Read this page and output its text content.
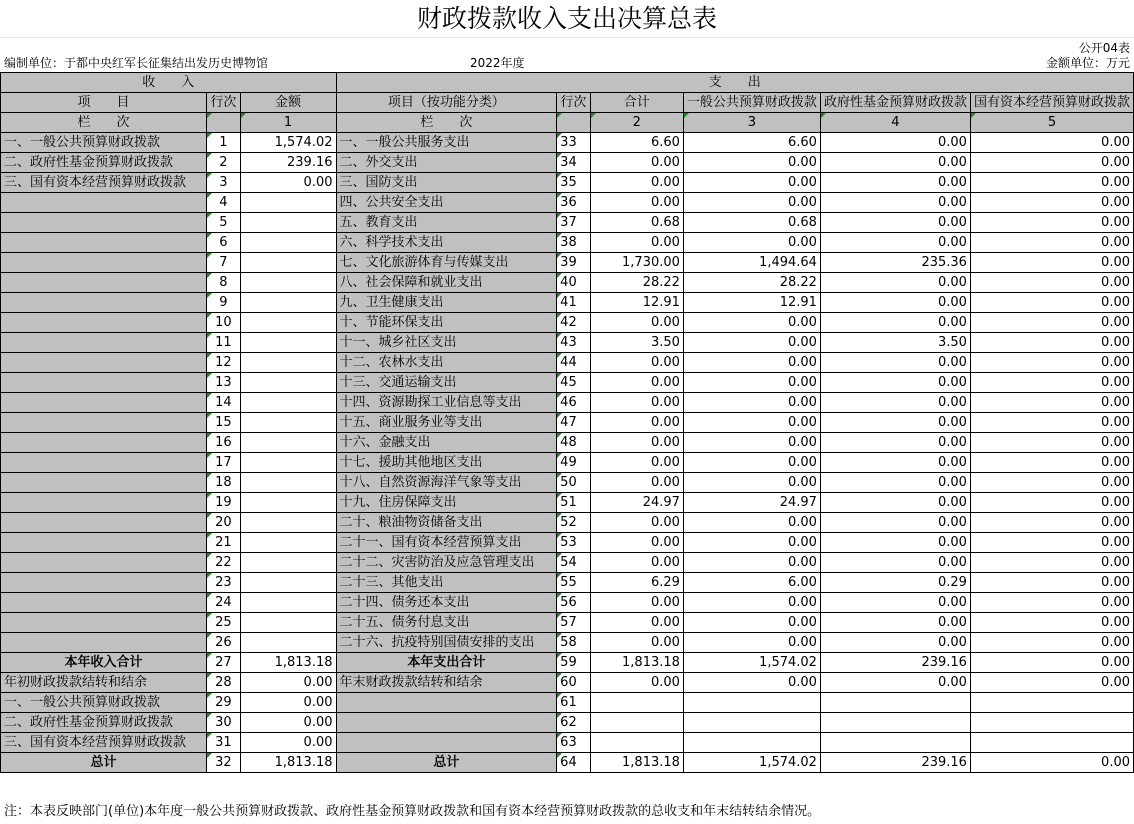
财政拨款收入支出决算总表
公开04表
编制单位：于都中央红军长征集结出发历史博物馆	2022年度	金额单位：万元
收　　入			支　　出					
项　　目	行次	金额	项目（按功能分类）	行次	合计	一般公共预算财政拨款	政府性基金预算财政拨款	国有资本经营预算财政拨款
栏　　次		1	栏　　次		2	3	4	5
一、一般公共预算财政拨款	1	1,574.02	一、一般公共服务支出	33	6.60	6.60	0.00	0.00
二、政府性基金预算财政拨款	2	239.16	二、外交支出	34	0.00	0.00	0.00	0.00
三、国有资本经营预算财政拨款	3	0.00	三、国防支出	35	0.00	0.00	0.00	0.00
	4		四、公共安全支出	36	0.00	0.00	0.00	0.00
	5		五、教育支出	37	0.68	0.68	0.00	0.00
	6		六、科学技术支出	38	0.00	0.00	0.00	0.00
	7		七、文化旅游体育与传媒支出	39	1,730.00	1,494.64	235.36	0.00
	8		八、社会保障和就业支出	40	28.22	28.22	0.00	0.00
	9		九、卫生健康支出	41	12.91	12.91	0.00	0.00
	10		十、节能环保支出	42	0.00	0.00	0.00	0.00
	11		十一、城乡社区支出	43	3.50	0.00	3.50	0.00
	12		十二、农林水支出	44	0.00	0.00	0.00	0.00
	13		十三、交通运输支出	45	0.00	0.00	0.00	0.00
	14		十四、资源勘探工业信息等支出	46	0.00	0.00	0.00	0.00
	15		十五、商业服务业等支出	47	0.00	0.00	0.00	0.00
	16		十六、金融支出	48	0.00	0.00	0.00	0.00
	17		十七、援助其他地区支出	49	0.00	0.00	0.00	0.00
	18		十八、自然资源海洋气象等支出	50	0.00	0.00	0.00	0.00
	19		十九、住房保障支出	51	24.97	24.97	0.00	0.00
	20		二十、粮油物资储备支出	52	0.00	0.00	0.00	0.00
	21		二十一、国有资本经营预算支出	53	0.00	0.00	0.00	0.00
	22		二十二、灾害防治及应急管理支出	54	0.00	0.00	0.00	0.00
	23		二十三、其他支出	55	6.29	6.00	0.29	0.00
	24		二十四、债务还本支出	56	0.00	0.00	0.00	0.00
	25		二十五、债务付息支出	57	0.00	0.00	0.00	0.00
	26		二十六、抗疫特别国债安排的支出	58	0.00	0.00	0.00	0.00
本年收入合计	27	1,813.18	本年支出合计	59	1,813.18	1,574.02	239.16	0.00
年初财政拨款结转和结余	28	0.00	年末财政拨款结转和结余	60	0.00	0.00	0.00	0.00
一、一般公共预算财政拨款	29	0.00		61				
二、政府性基金预算财政拨款	30	0.00		62				
三、国有资本经营预算财政拨款	31	0.00		63				
总计	32	1,813.18	总计	64	1,813.18	1,574.02	239.16	0.00
注：本表反映部门(单位)本年度一般公共预算财政拨款、政府性基金预算财政拨款和国有资本经营预算财政拨款的总收支和年末结转结余情况。
